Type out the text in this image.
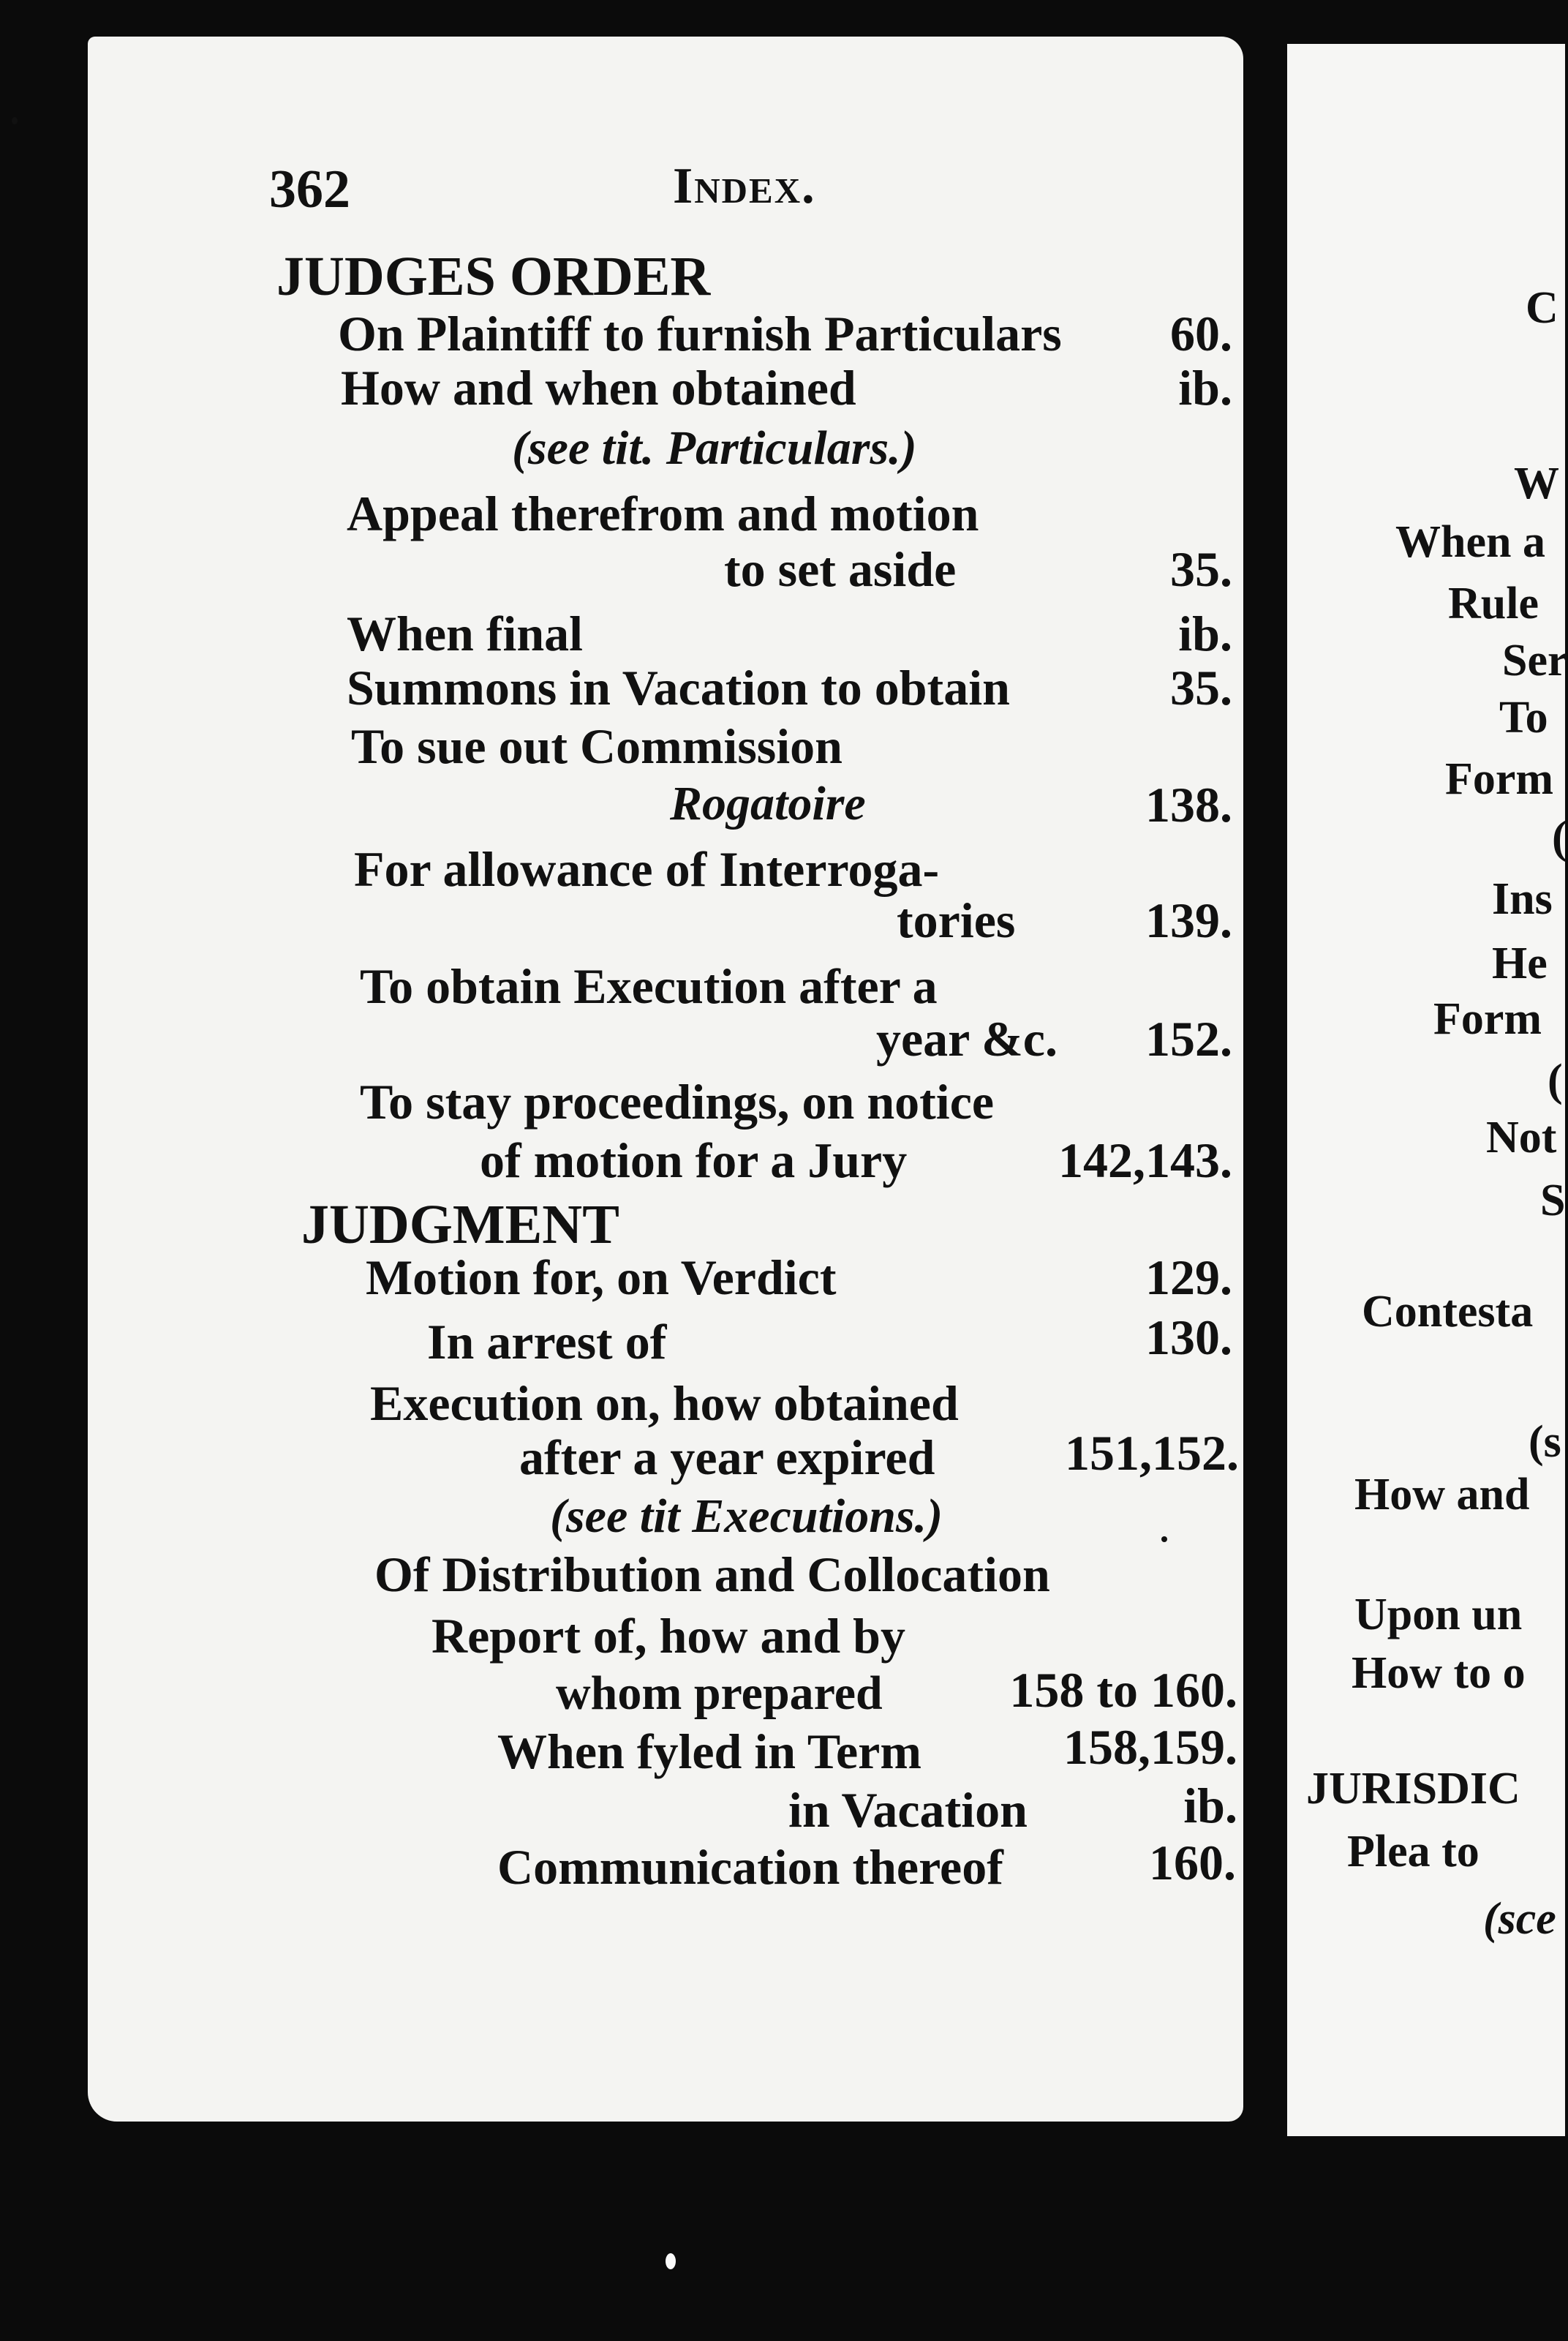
362	Index.
JUDGES ORDER
On Plaintiff to furnish Particulars 60.
How and when obtained	ib.
(see tit. Particulars.)
Appeal therefrom and motion
to set aside	35.
When final	ib.
Summons in Vacation to obtain	35.
To sue out Commission
Rogatoire	138.
For allowance of Interroga-
tories	139.
To obtain Execution after a
year &c. 152.
To stay proceedings, on notice
of motion for a Jury	142,143.
JUDGMENT
Motion for, on Verdict	129.
In arrest of	130.
Execution on, how obtained
after a year expired	151,152.
(see tit Executions.)
Of Distribution and Collocation
Report of, how and by
whom prepared	158 to 160.
When fyled in Term	158,159.
in Vacation	ib.
Communication thereof	160.
C
W
When a
Rule
Ser
To
Form
(
Ins
He
Form
(
Not
S
Contesta
(s
How and
Upon un
How to o
JURISDIC
Plea to
(sce
